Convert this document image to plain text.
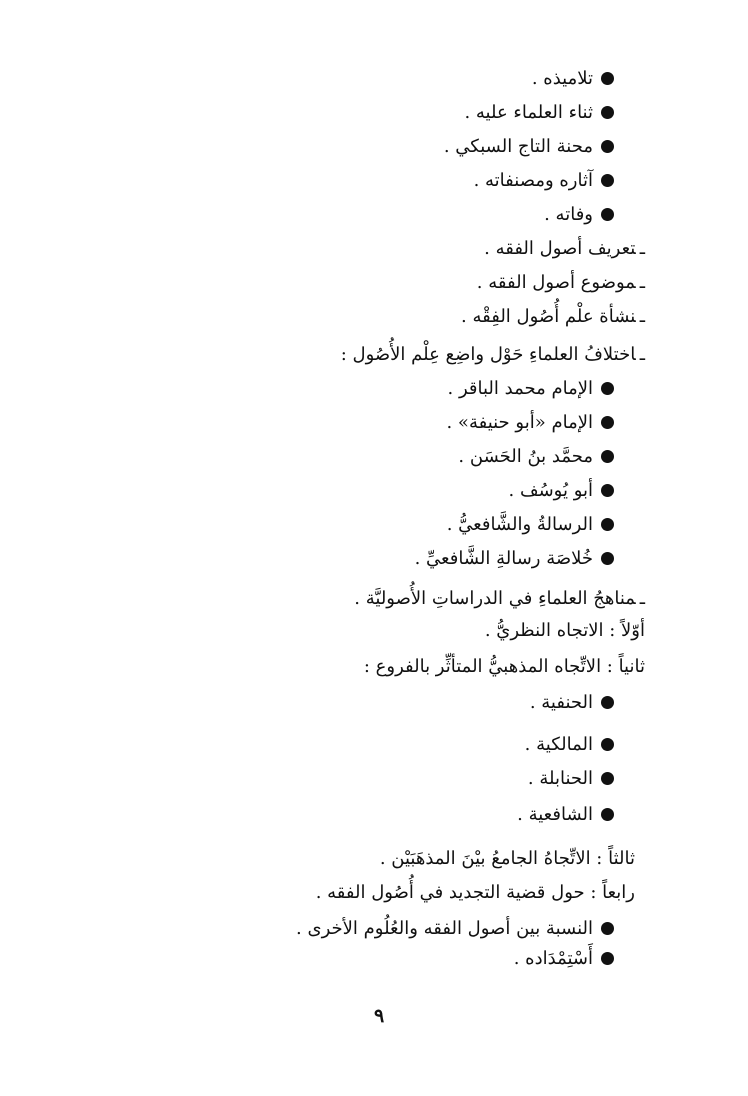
تلاميذه .
ثناء العلماء عليه .
محنة التاج السبكي .
آثاره ومصنفاته .
وفاته .
ـتعريف أصول الفقه .
ـموضوع أصول الفقه .
ـنشأة علْم أُصُول الفِقْه .
ـاختلافُ العلماءِ حَوْل واضِع عِلْم الأُصُول :
الإمام محمد الباقر .
الإمام «أبو حنيفة» .
محمَّد بنُ الحَسَن .
أبو يُوسُف .
الرسالةُ والشَّافعيُّ .
خُلاصَة رسالةِ الشَّافعيِّ .
ـمناهجُ العلماءِ في الدراساتِ الأُصوليَّة .
أوّلاً : الاتجاه النظريُّ .
ثانياً : الاتِّجاه المذهبيُّ المتأثِّر بالفروع :
الحنفية .
المالكية .
الحنابلة .
الشافعية .
ثالثاً : الاتِّجاهُ الجامعُ بيْنَ المذهَبَيْن .
رابعاً : حول قضية التجديد في أُصُول الفقه .
النسبة بين أصول الفقه والعُلُوم الأخرى .
أَسْتِمْدَاده .
٩
